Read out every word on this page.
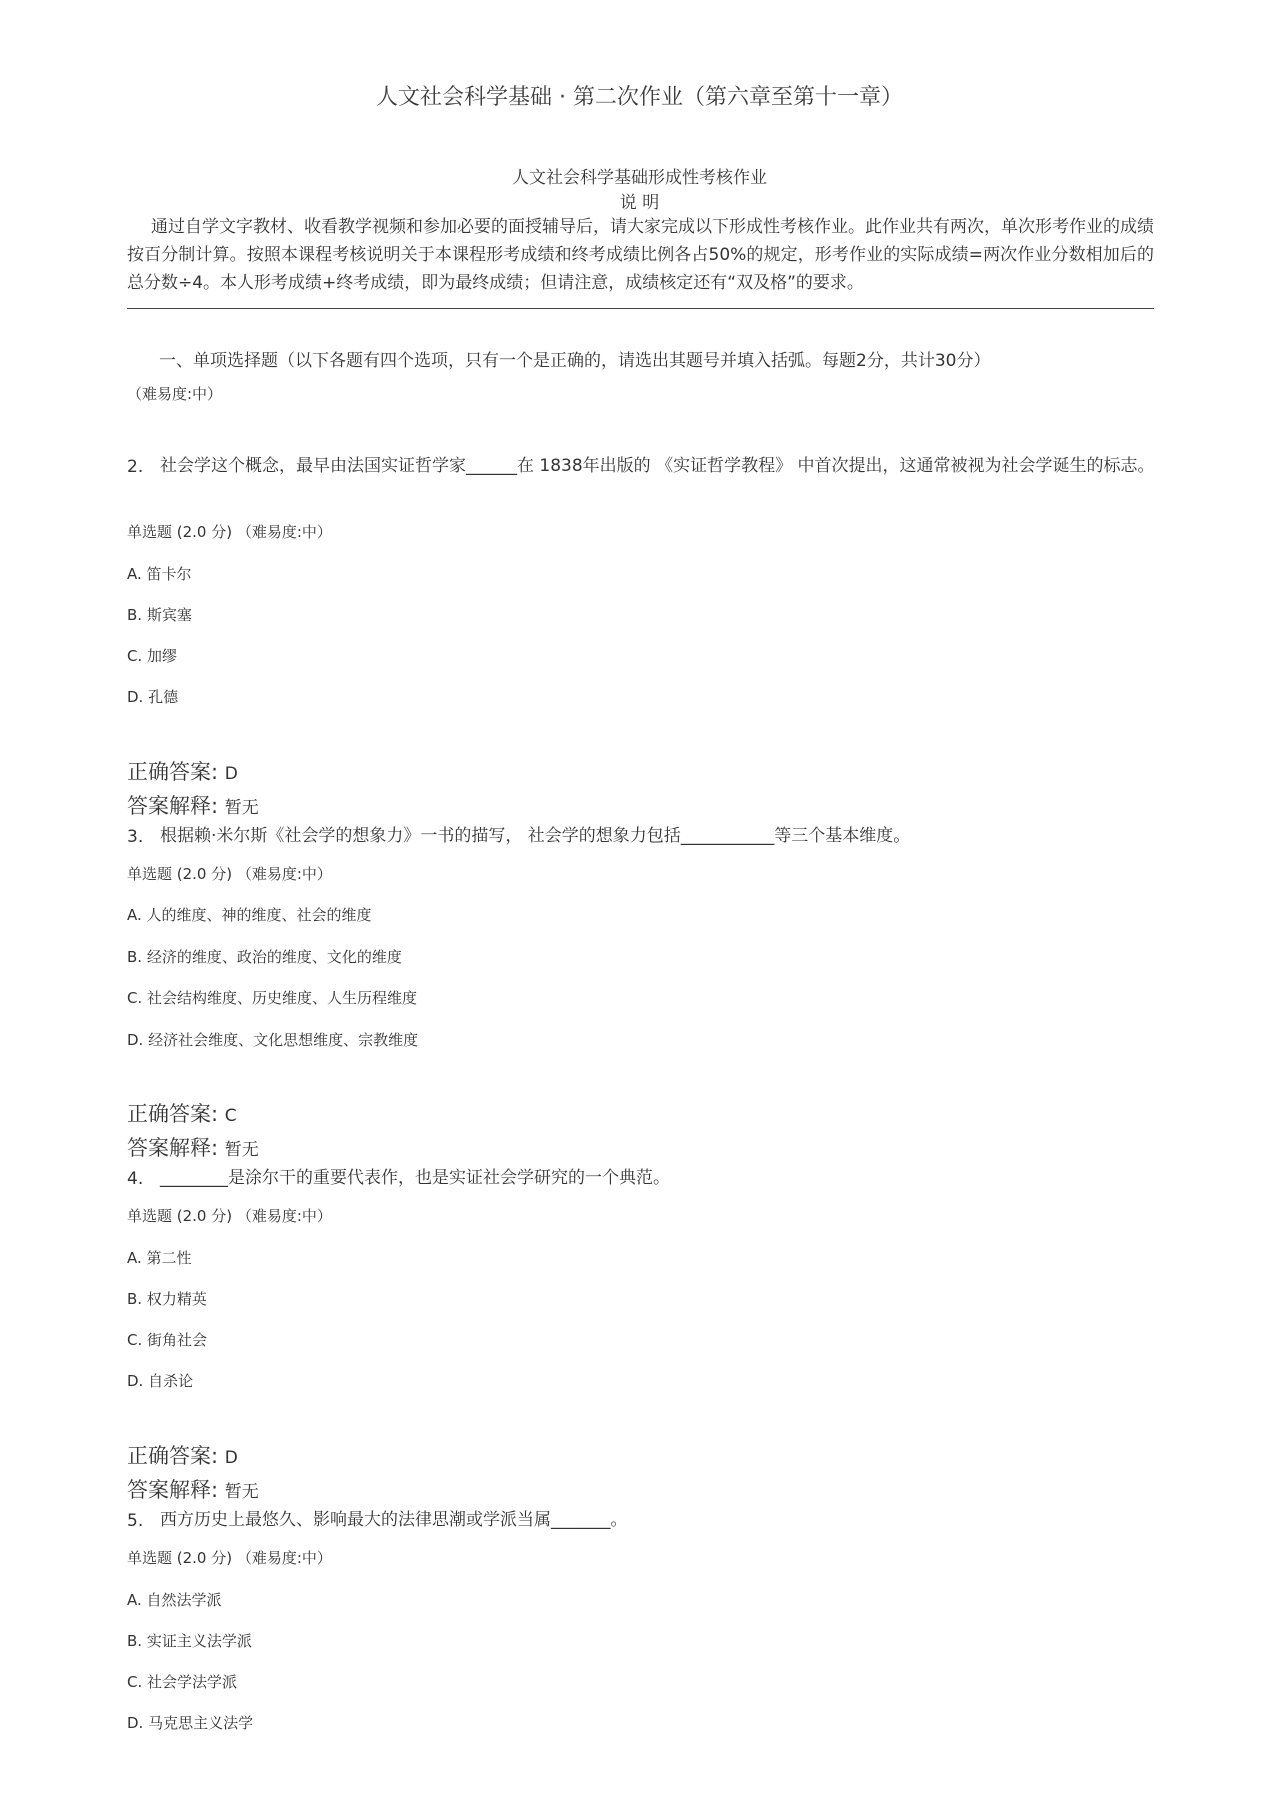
人文社会科学基础 · 第二次作业（第六章至第十一章）
人文社会科学基础形成性考核作业
说 明
通过自学文字教材、收看教学视频和参加必要的面授辅导后，请大家完成以下形成性考核作业。此作业共有两次，单次形考作业的成绩按百分制计算。按照本课程考核说明关于本课程形考成绩和终考成绩比例各占50%的规定，形考作业的实际成绩=两次作业分数相加后的总分数÷4。本人形考成绩+终考成绩，即为最终成绩；但请注意，成绩核定还有“双及格”的要求。
一、单项选择题（以下各题有四个选项，只有一个是正确的，请选出其题号并填入括弧。每题2分，共计30分）
（难易度:中）
2. 社会学这个概念，最早由法国实证哲学家______在 1838年出版的 《实证哲学教程》 中首次提出，这通常被视为社会学诞生的标志。
单选题 (2.0 分) （难易度:中）
A. 笛卡尔
B. 斯宾塞
C. 加缪
D. 孔德
正确答案: D
答案解释: 暂无
3. 根据赖·米尔斯《社会学的想象力》一书的描写， 社会学的想象力包括___________等三个基本维度。
单选题 (2.0 分) （难易度:中）
A. 人的维度、神的维度、社会的维度
B. 经济的维度、政治的维度、文化的维度
C. 社会结构维度、历史维度、人生历程维度
D. 经济社会维度、文化思想维度、宗教维度
正确答案: C
答案解释: 暂无
4. ________是涂尔干的重要代表作，也是实证社会学研究的一个典范。
单选题 (2.0 分) （难易度:中）
A. 第二性
B. 权力精英
C. 街角社会
D. 自杀论
正确答案: D
答案解释: 暂无
5. 西方历史上最悠久、影响最大的法律思潮或学派当属_______。
单选题 (2.0 分) （难易度:中）
A. 自然法学派
B. 实证主义法学派
C. 社会学法学派
D. 马克思主义法学
